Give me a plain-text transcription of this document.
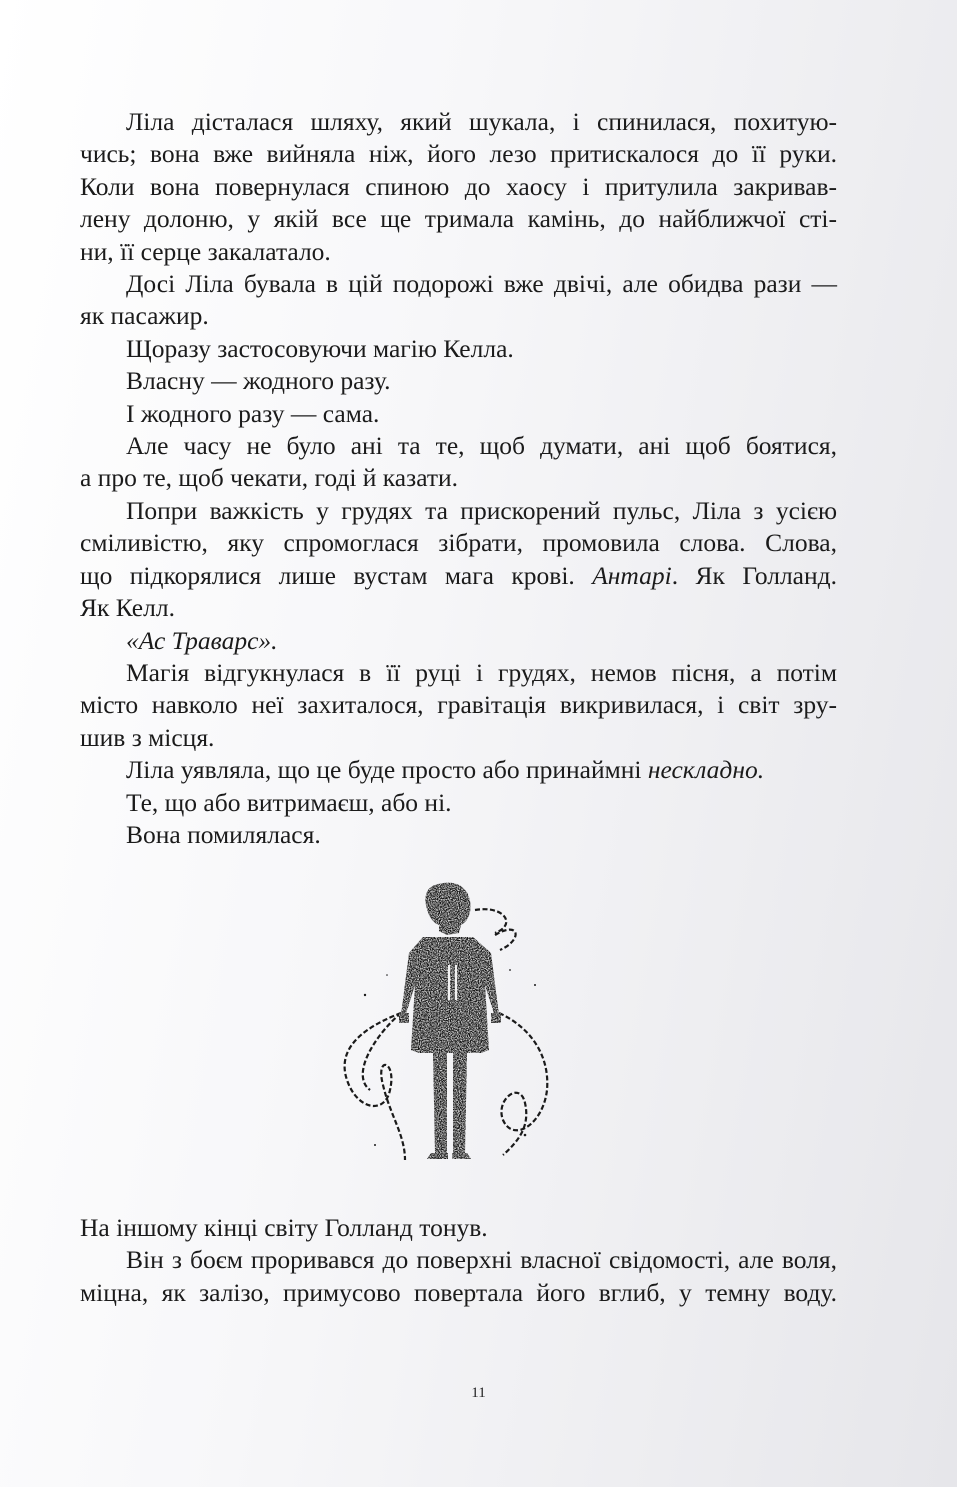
Ліла дісталася шляху, який шукала, і спинилася, похитую-
чись; вона вже вийняла ніж, його лезо притискалося до її руки.
Коли вона повернулася спиною до хаосу і притулила закривав-
лену долоню, у якій все ще тримала камінь, до найближчої сті-
ни, її серце закалатало.

Досі Ліла бувала в цій подорожі вже двічі, але обидва рази —
як пасажир.

Щоразу застосовуючи магію Келла.

Власну — жодного разу.

І жодного разу — сама.

Але часу не було ані та те, щоб думати, ані щоб боятися,
а про те, щоб чекати, годі й казати.

Попри важкість у грудях та прискорений пульс, Ліла з усією
сміливістю, яку спромоглася зібрати, промовила слова. Слова,
що підкорялися лише вустам мага крові. Антарі. Як Голланд.
Як Келл.

«Ас Траварс».

Магія відгукнулася в її руці і грудях, немов пісня, а потім
місто навколо неї захиталося, гравітація викривилася, і світ зру-
шив з місця.

Ліла уявляла, що це буде просто або принаймні нескладно.

Те, що або витримаєш, або ні.

Вона помилялася.

На іншому кінці світу Голланд тонув.

Він з боєм проривався до поверхні власної свідомості, але воля,
міцна, як залізо, примусово повертала його вглиб, у темну воду.

11
